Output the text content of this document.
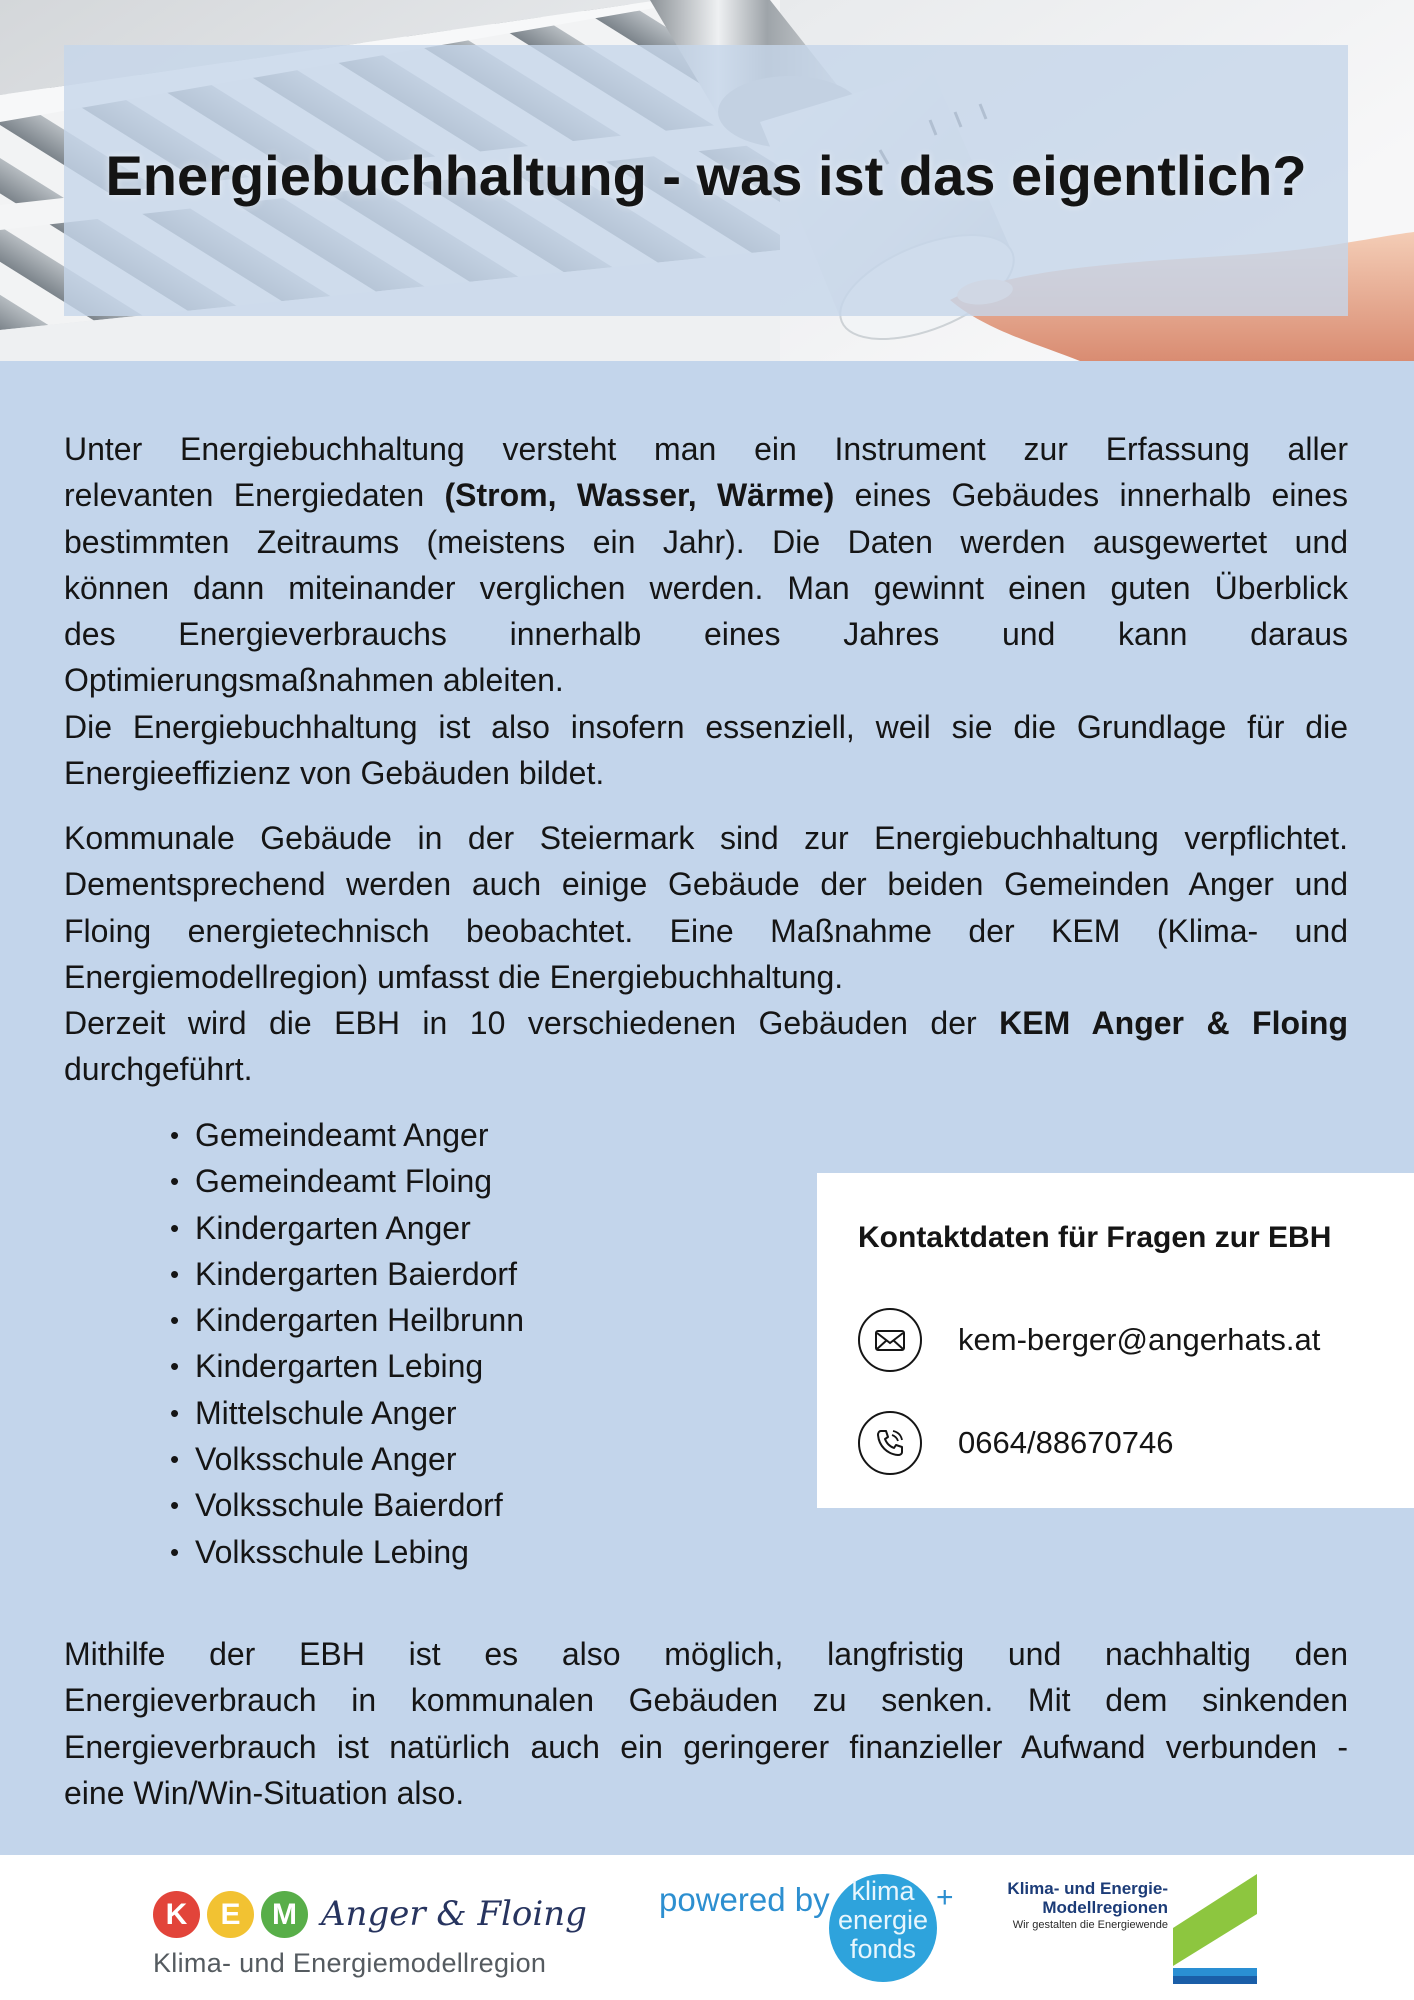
Energiebuchhaltung - was ist das eigentlich?
Unter Energiebuchhaltung versteht man ein Instrument zur Erfassung aller
relevanten Energiedaten (Strom, Wasser, Wärme) eines Gebäudes innerhalb eines
bestimmten Zeitraums (meistens ein Jahr). Die Daten werden ausgewertet und
können dann miteinander verglichen werden. Man gewinnt einen guten Überblick
des Energieverbrauchs innerhalb eines Jahres und kann daraus
Optimierungsmaßnahmen ableiten.
Die Energiebuchhaltung ist also insofern essenziell, weil sie die Grundlage für die
Energieeffizienz von Gebäuden bildet.
Kommunale Gebäude in der Steiermark sind zur Energiebuchhaltung verpflichtet.
Dementsprechend werden auch einige Gebäude der beiden Gemeinden Anger und
Floing energietechnisch beobachtet. Eine Maßnahme der KEM (Klima- und
Energiemodellregion) umfasst die Energiebuchhaltung.
Derzeit wird die EBH in 10 verschiedenen Gebäuden der KEM Anger & Floing
durchgeführt.
• Gemeindeamt Anger
• Gemeindeamt Floing
• Kindergarten Anger
• Kindergarten Baierdorf
• Kindergarten Heilbrunn
• Kindergarten Lebing
• Mittelschule Anger
• Volksschule Anger
• Volksschule Baierdorf
• Volksschule Lebing
Kontaktdaten für Fragen zur EBH
kem-berger@angerhats.at
0664/88670746
Mithilfe der EBH ist es also möglich, langfristig und nachhaltig den
Energieverbrauch in kommunalen Gebäuden zu senken. Mit dem sinkenden
Energieverbrauch ist natürlich auch ein geringerer finanzieller Aufwand verbunden -
eine Win/Win-Situation also.
K	E	M Anger & Floing
Klima- und Energiemodellregion
powered by klima
energie
fonds
+	Klima- und Energie-
Modellregionen
Wir gestalten die Energiewende
